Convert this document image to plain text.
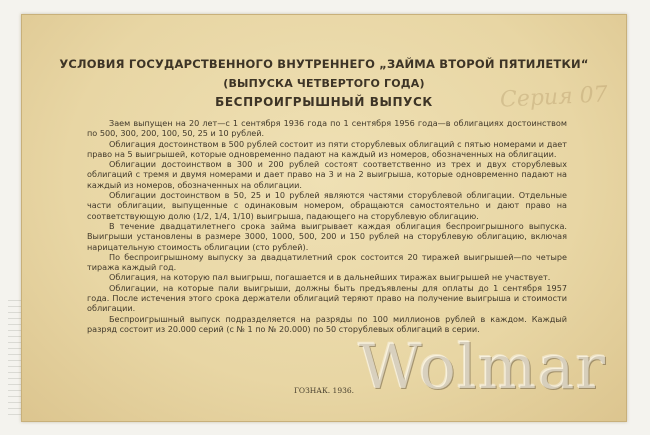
Серия 07
УСЛОВИЯ ГОСУДАРСТВЕННОГО ВНУТРЕННЕГО „ЗАЙМА ВТОРОЙ ПЯТИЛЕТКИ“
(ВЫПУСКА ЧЕТВЕРТОГО ГОДА)
БЕСПРОИГРЫШНЫЙ ВЫПУСК

Заем выпущен на 20 лет—с 1 сентября 1936 года по 1 сентября 1956 года—в облигациях достоинством по 500, 300, 200, 100, 50, 25 и 10 рублей.

Облигация достоинством в 500 рублей состоит из пяти сторублевых облигаций с пятью номерами и дает право на 5 выигрышей, которые одновременно падают на каждый из номеров, обозначенных на облигации.

Облигации достоинством в 300 и 200 рублей состоят соответственно из трех и двух сторублевых облигаций с тремя и двумя номерами и дает право на 3 и на 2 выигрыша, которые одновременно падают на каждый из номеров, обозначенных на облигации.

Облигации достоинством в 50, 25 и 10 рублей являются частями сторублевой облигации. Отдельные части облигации, выпущенные с одинаковым номером, обращаются самостоятельно и дают право на соответствующую долю (1/2, 1/4, 1/10) выигрыша, падающего на сторублевую облигацию.

В течение двадцатилетнего срока займа выигрывает каждая облигация беспроигрышного выпуска. Выигрыши установлены в размере 3000, 1000, 500, 200 и 150 рублей на сторублевую облигацию, включая нарицательную стоимость облигации (сто рублей).

По беспроигрышному выпуску за двадцатилетний срок состоится 20 тиражей выигрышей—по четыре тиража каждый год.

Облигация, на которую пал выигрыш, погашается и в дальнейших тиражах выигрышей не участвует.

Облигации, на которые пали выигрыши, должны быть предъявлены для оплаты до 1 сентября 1957 года. После истечения этого срока держатели облигаций теряют право на получение выигрыша и стоимости облигации.

Беспроигрышный выпуск подразделяется на разряды по 100 миллионов рублей в каждом. Каждый разряд состоит из 20.000 серий (с № 1 по № 20.000) по 50 сторублевых облигаций в серии.

ГОЗНАК. 1936. Wolmar
